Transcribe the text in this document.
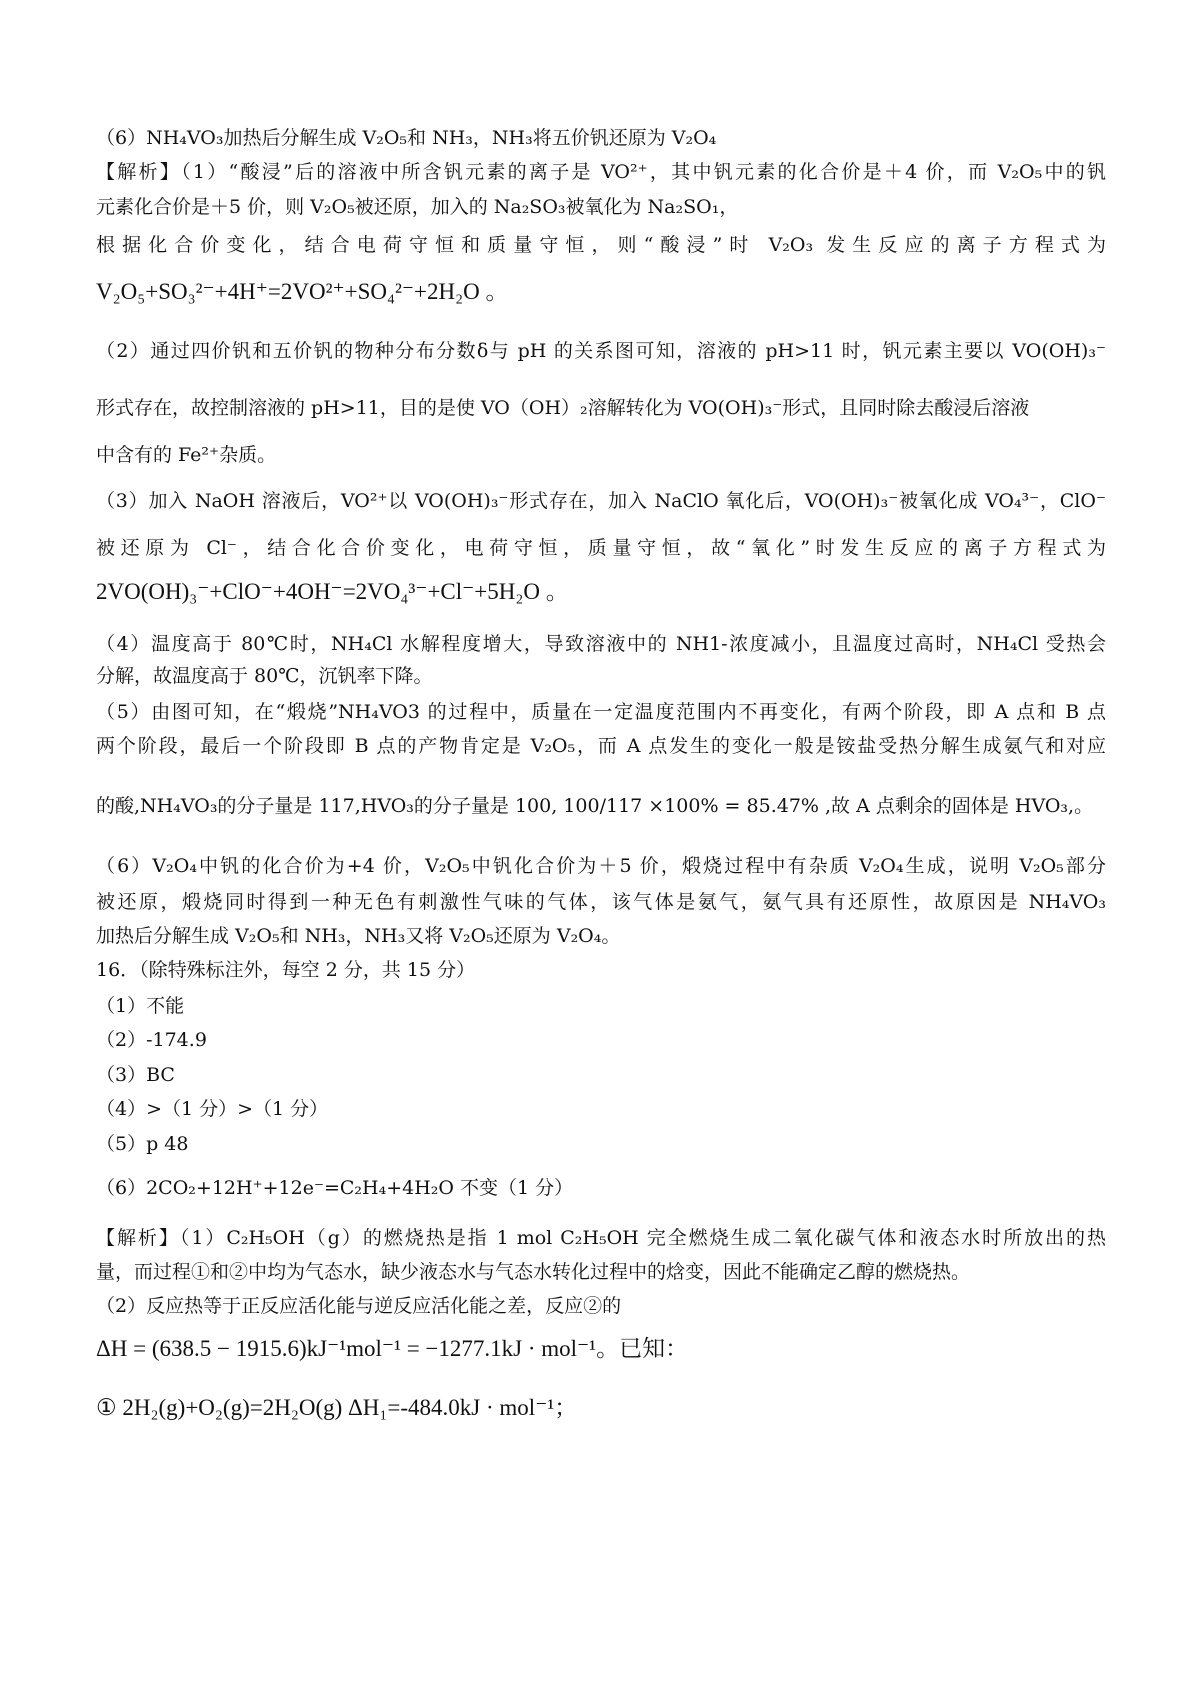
（6）NH₄VO₃加热后分解生成 V₂O₅和 NH₃，NH₃将五价钒还原为 V₂O₄
【解析】（1）“酸浸”后的溶液中所含钒元素的离子是 VO²⁺，其中钒元素的化合价是＋4 价，而 V₂O₅中的钒
元素化合价是＋5 价，则 V₂O₅被还原，加入的 Na₂SO₃被氧化为 Na₂SO₁，
根据化合价变化，结合电荷守恒和质量守恒，则“酸浸”时 V₂O₃ 发生反应的离子方程式为
V₂O₅+SO₃²⁻+4H⁺=2VO²⁺+SO₄²⁻+2H₂O 。
（2）通过四价钒和五价钒的物种分布分数δ与 pH 的关系图可知，溶液的 pH>11 时，钒元素主要以 VO(OH)₃⁻
形式存在，故控制溶液的 pH>11，目的是使 VO（OH）₂溶解转化为 VO(OH)₃⁻形式，且同时除去酸浸后溶液
中含有的 Fe²⁺杂质。
（3）加入 NaOH 溶液后，VO²⁺以 VO(OH)₃⁻形式存在，加入 NaClO 氧化后，VO(OH)₃⁻被氧化成 VO₄³⁻，ClO⁻
被还原为 Cl⁻，结合化合价变化，电荷守恒，质量守恒，故“氧化”时发生反应的离子方程式为
2VO(OH)₃⁻+ClO⁻+4OH⁻=2VO₄³⁻+Cl⁻+5H₂O 。
（4）温度高于 80℃时，NH₄Cl 水解程度增大，导致溶液中的 NH1-浓度减小，且温度过高时，NH₄Cl 受热会
分解，故温度高于 80℃，沉钒率下降。
（5）由图可知，在“煅烧”NH₄VO3 的过程中，质量在一定温度范围内不再变化，有两个阶段，即 A 点和 B 点
两个阶段，最后一个阶段即 B 点的产物肯定是 V₂O₅，而 A 点发生的变化一般是铵盐受热分解生成氨气和对应
的酸,NH₄VO₃的分子量是 117,HVO₃的分子量是 100, 100/117 ×100% = 85.47% ,故 A 点剩余的固体是 HVO₃,。
（6）V₂O₄中钒的化合价为+4 价，V₂O₅中钒化合价为＋5 价，煅烧过程中有杂质 V₂O₄生成，说明 V₂O₅部分
被还原，煅烧同时得到一种无色有刺激性气味的气体，该气体是氨气，氨气具有还原性，故原因是 NH₄VO₃
加热后分解生成 V₂O₅和 NH₃，NH₃又将 V₂O₅还原为 V₂O₄。
16．（除特殊标注外，每空 2 分，共 15 分）
（1）不能
（2）-174.9
（3）BC
（4）>（1 分）>（1 分）
（5）p 48
（6）2CO₂+12H⁺+12e⁻=C₂H₄+4H₂O 不变（1 分）
【解析】（1）C₂H₅OH（g）的燃烧热是指 1 mol C₂H₅OH 完全燃烧生成二氧化碳气体和液态水时所放出的热
量，而过程①和②中均为气态水，缺少液态水与气态水转化过程中的焓变，因此不能确定乙醇的燃烧热。
（2）反应热等于正反应活化能与逆反应活化能之差，反应②的
ΔH = (638.5 − 1915.6)kJ⁻¹mol⁻¹ = −1277.1kJ · mol⁻¹。已知：
① 2H₂(g)+O₂(g)=2H₂O(g) ΔH₁=-484.0kJ · mol⁻¹；
